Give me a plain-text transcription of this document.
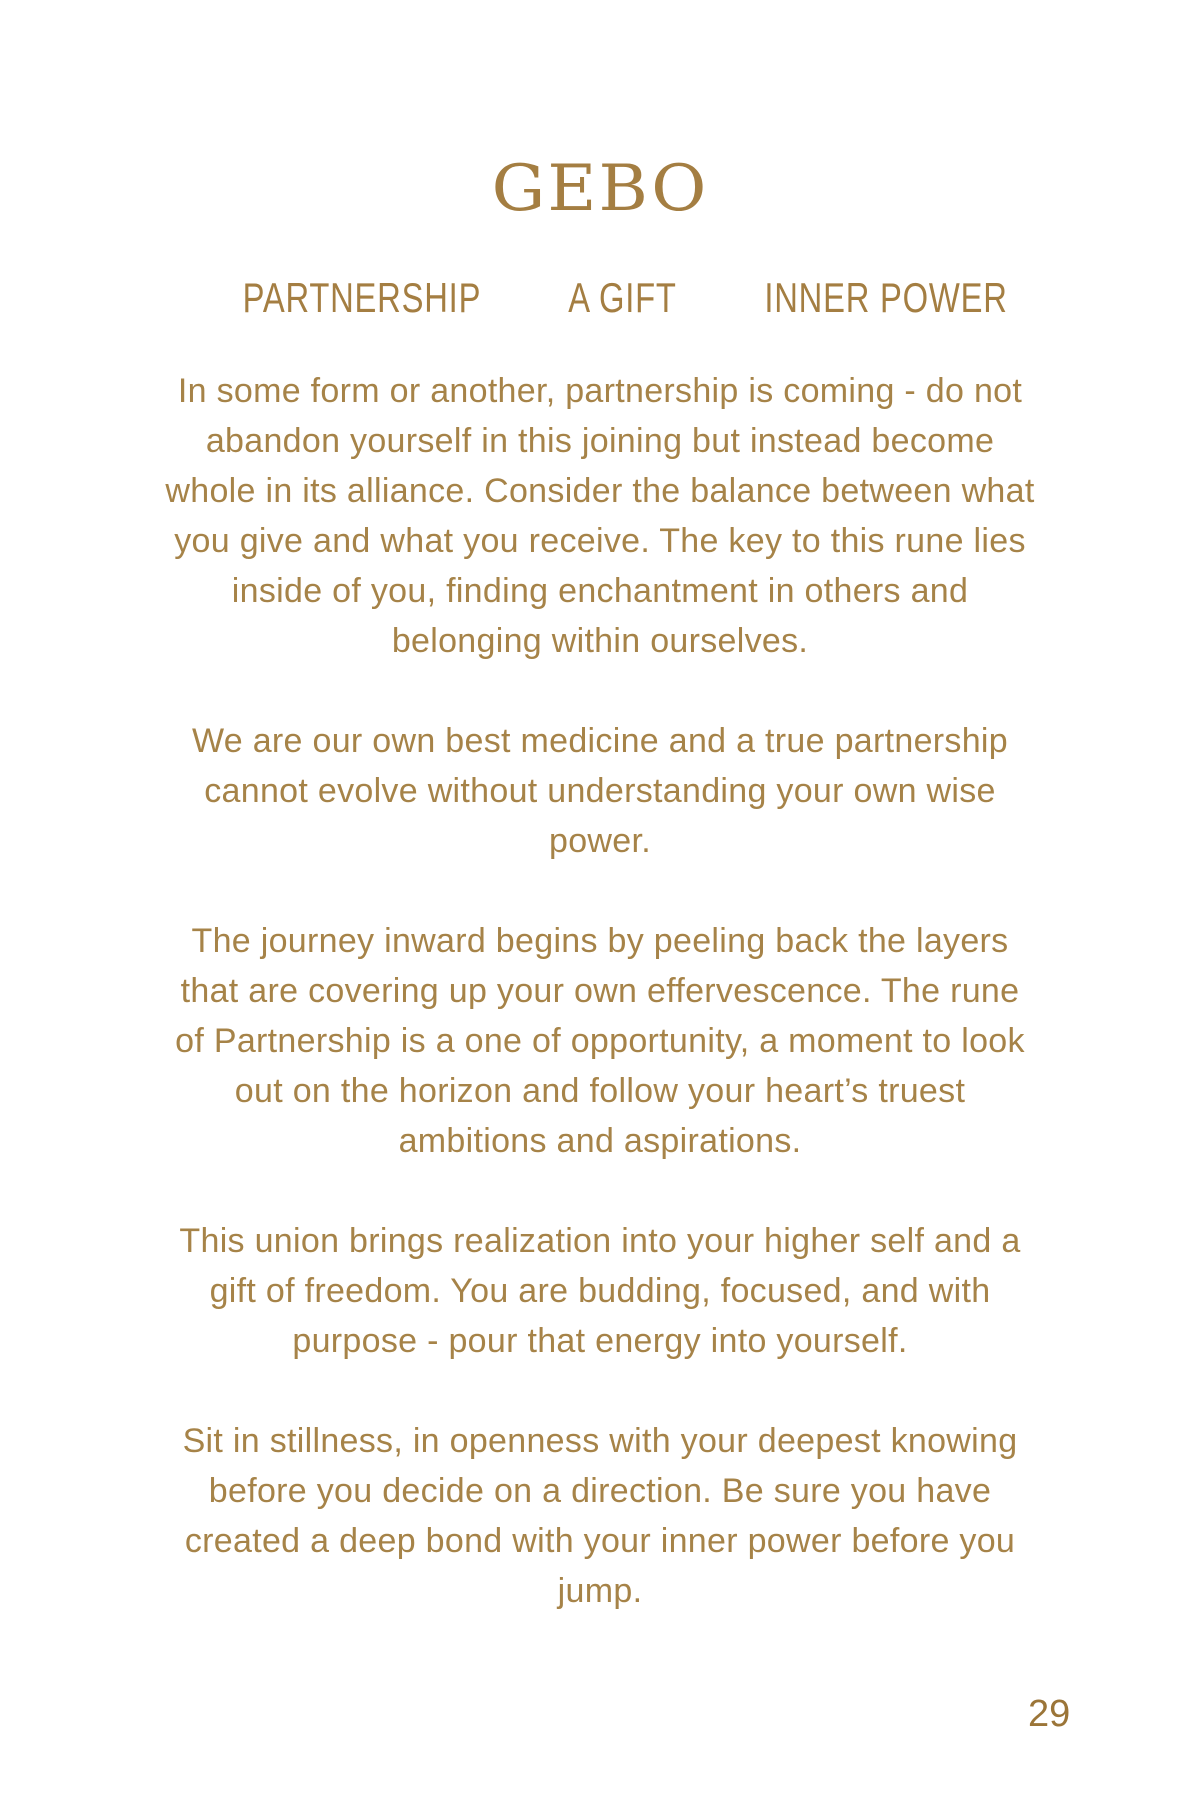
GEBO

PARTNERSHIP A GIFT INNER POWER

In some form or another, partnership is coming - do not
abandon yourself in this joining but instead become
whole in its alliance. Consider the balance between what
you give and what you receive. The key to this rune lies
inside of you, finding enchantment in others and
belonging within ourselves.

We are our own best medicine and a true partnership
cannot evolve without understanding your own wise
power.

The journey inward begins by peeling back the layers
that are covering up your own effervescence. The rune
of Partnership is a one of opportunity, a moment to look
out on the horizon and follow your heart’s truest
ambitions and aspirations.

This union brings realization into your higher self and a
gift of freedom. You are budding, focused, and with
purpose - pour that energy into yourself.

Sit in stillness, in openness with your deepest knowing
before you decide on a direction. Be sure you have
created a deep bond with your inner power before you
jump.

29
